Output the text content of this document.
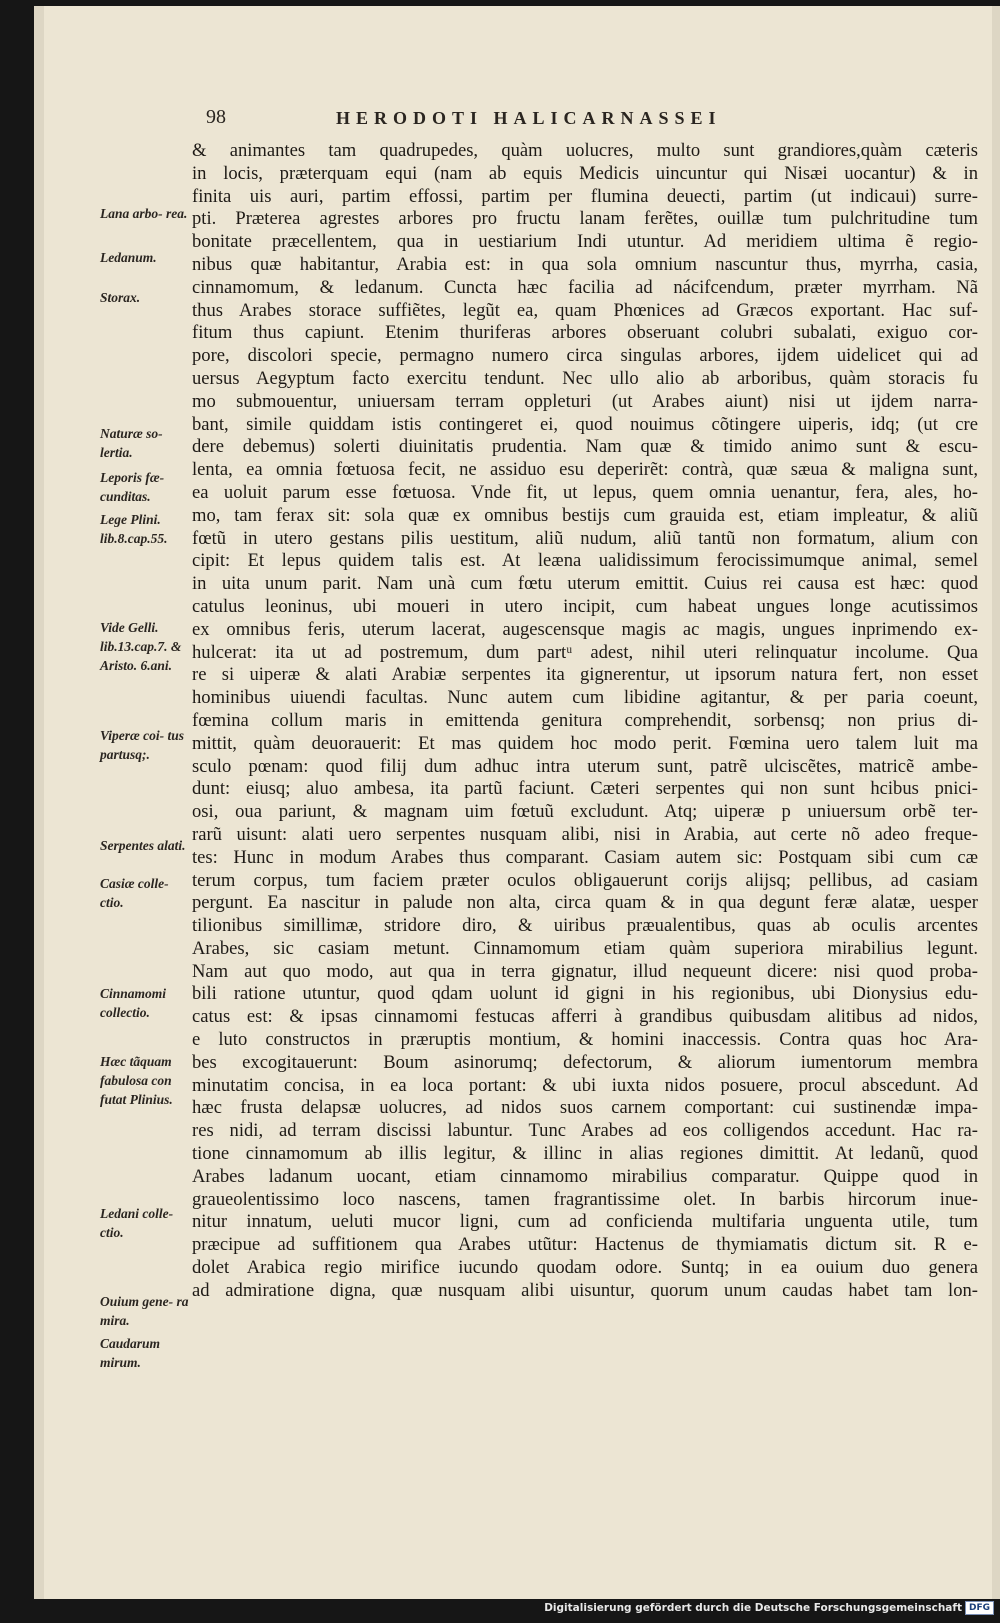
98	HERODOTI HALICARNASSEI
& animantes tam quadrupedes, quàm uolucres, multo sunt grandiores,quàm cæteris
in locis, præterquam equi (nam ab equis Medicis uincuntur qui Nisæi uocantur) & in
finita uis auri, partim effossi, partim per flumina deuecti, partim (ut indicaui) surre-
pti. Præterea agrestes arbores pro fructu lanam ferẽtes, ouillæ tum pulchritudine tum
bonitate præcellentem, qua in uestiarium Indi utuntur. Ad meridiem ultima ẽ regio-
nibus quæ habitantur, Arabia est: in qua sola omnium nascuntur thus, myrrha, casia,
cinnamomum, & ledanum. Cuncta hæc facilia ad nácifcendum, præter myrrham. Nã
thus Arabes storace suffiẽtes, legũt ea, quam Phœnices ad Græcos exportant. Hac suf-
fitum thus capiunt. Etenim thuriferas arbores obseruant colubri subalati, exiguo cor-
pore, discolori specie, permagno numero circa singulas arbores, ijdem uidelicet qui ad
uersus Aegyptum facto exercitu tendunt. Nec ullo alio ab arboribus, quàm storacis fu
mo submouentur, uniuersam terram oppleturi (ut Arabes aiunt) nisi ut ijdem narra-
bant, simile quiddam istis contingeret ei, quod nouimus cõtingere uiperis, idq; (ut cre
dere debemus) solerti diuinitatis prudentia. Nam quæ & timido animo sunt & escu-
lenta, ea omnia fœtuosa fecit, ne assiduo esu deperirẽt: contrà, quæ sæua & maligna sunt,
ea uoluit parum esse fœtuosa. Vnde fit, ut lepus, quem omnia uenantur, fera, ales, ho-
mo, tam ferax sit: sola quæ ex omnibus bestijs cum grauida est, etiam impleatur, & aliũ
fœtũ in utero gestans pilis uestitum, aliũ nudum, aliũ tantũ non formatum, alium con
cipit: Et lepus quidem talis est. At leæna ualidissimum ferocissimumque animal, semel
in uita unum parit. Nam unà cum fœtu uterum emittit. Cuius rei causa est hæc: quod
catulus leoninus, ubi moueri in utero incipit, cum habeat ungues longe acutissimos
ex omnibus feris, uterum lacerat, augescensque magis ac magis, ungues inprimendo ex-
hulcerat: ita ut ad postremum, dum partᵘ adest, nihil uteri relinquatur incolume. Qua
re si uiperæ & alati Arabiæ serpentes ita gignerentur, ut ipsorum natura fert, non esset
hominibus uiuendi facultas. Nunc autem cum libidine agitantur, & per paria coeunt,
fœmina collum maris in emittenda genitura comprehendit, sorbensq; non prius di-
mittit, quàm deuorauerit: Et mas quidem hoc modo perit. Fœmina uero talem luit ma
sculo pœnam: quod filij dum adhuc intra uterum sunt, patrẽ ulciscẽtes, matricẽ ambe-
dunt: eiusq; aluo ambesa, ita partũ faciunt. Cæteri serpentes qui non sunt hcibus pnici-
osi, oua pariunt, & magnam uim fœtuũ excludunt. Atq; uiperæ p uniuersum orbẽ ter-
rarũ uisunt: alati uero serpentes nusquam alibi, nisi in Arabia, aut certe nõ adeo freque-
tes: Hunc in modum Arabes thus comparant. Casiam autem sic: Postquam sibi cum cæ
terum corpus, tum faciem præter oculos obligauerunt corijs alijsq; pellibus, ad casiam
pergunt. Ea nascitur in palude non alta, circa quam & in qua degunt feræ alatæ, uesper
tilionibus simillimæ, stridore diro, & uiribus præualentibus, quas ab oculis arcentes
Arabes, sic casiam metunt. Cinnamomum etiam quàm superiora mirabilius legunt.
Nam aut quo modo, aut qua in terra gignatur, illud nequeunt dicere: nisi quod proba-
bili ratione utuntur, quod qdam uolunt id gigni in his regionibus, ubi Dionysius edu-
catus est: & ipsas cinnamomi festucas afferri à grandibus quibusdam alitibus ad nidos,
e luto constructos in præruptis montium, & homini inaccessis. Contra quas hoc Ara-
bes excogitauerunt: Boum asinorumq; defectorum, & aliorum iumentorum membra
minutatim concisa, in ea loca portant: & ubi iuxta nidos posuere, procul abscedunt. Ad
hæc frusta delapsæ uolucres, ad nidos suos carnem comportant: cui sustinendæ impa-
res nidi, ad terram discissi labuntur. Tunc Arabes ad eos colligendos accedunt. Hac ra-
tione cinnamomum ab illis legitur, & illinc in alias regiones dimittit. At ledanũ, quod
Arabes ladanum uocant, etiam cinnamomo mirabilius comparatur. Quippe quod in
graueolentissimo loco nascens, tamen fragrantissime olet. In barbis hircorum inue-
nitur innatum, ueluti mucor ligni, cum ad conficienda multifaria unguenta utile, tum
præcipue ad suffitionem qua Arabes utũtur: Hactenus de thymiamatis dictum sit. R e-
dolet Arabica regio mirifice iucundo quodam odore. Suntq; in ea ouium duo genera
ad admiratione digna, quæ nusquam alibi uisuntur, quorum unum caudas habet tam lon-
Lana arbo- rea.
Ledanum.
Storax.
Naturæ so- lertia.
Leporis fæ- cunditas.
Lege Plini. lib.8.cap.55.
Vide Gelli. lib.13.cap.7. & Aristo. 6.ani.
Viperæ coi- tus partusq;.
Serpentes alati.
Casiæ colle- ctio.
Cinnamomi collectio.
Hæc tãquam fabulosa con futat Plinius.
Ledani colle- ctio.
Ouium gene- ra mira.
Caudarum mirum.
Digitalisierung gefördert durch die Deutsche Forschungsgemeinschaft DFG
